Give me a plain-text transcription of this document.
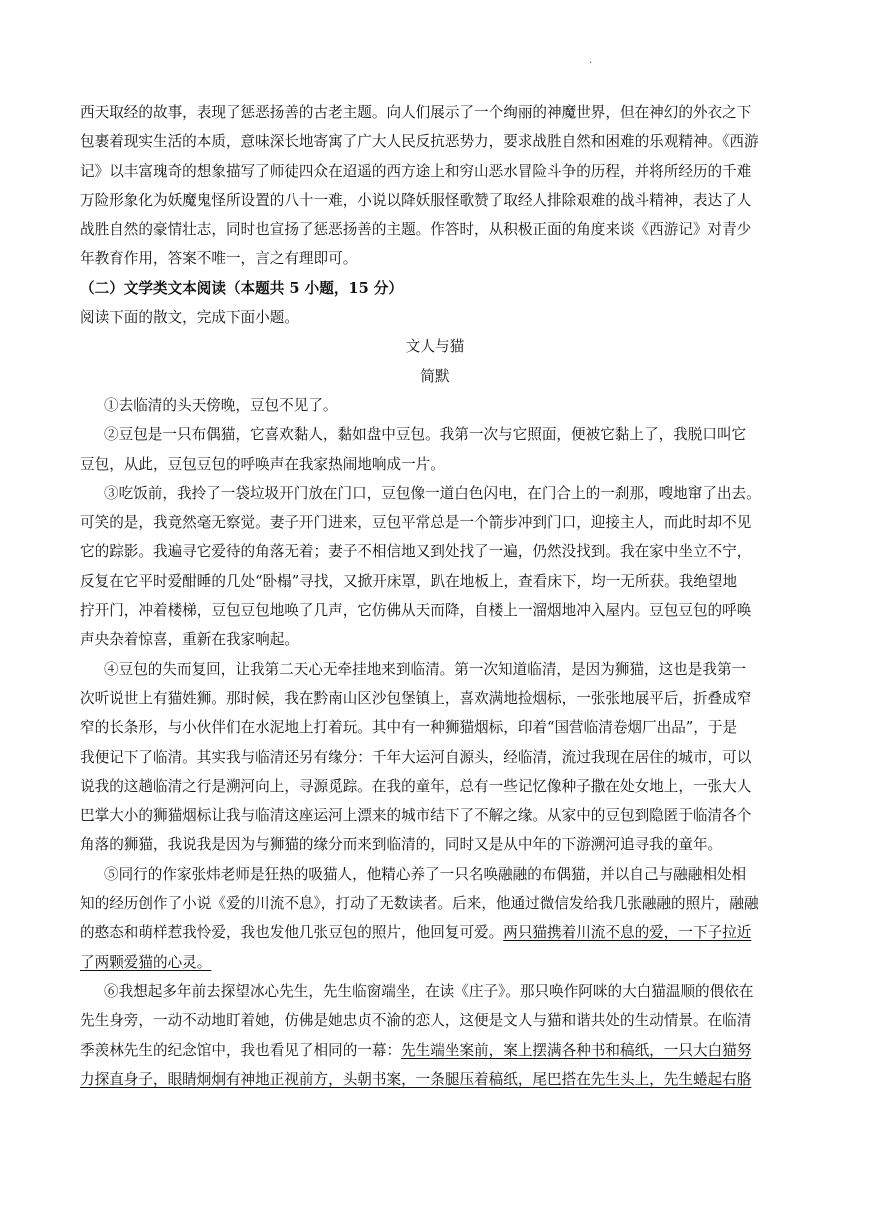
.
西天取经的故事，表现了惩恶扬善的古老主题。向人们展示了一个绚丽的神魔世界，但在神幻的外衣之下
包裹着现实生活的本质，意味深长地寄寓了广大人民反抗恶势力，要求战胜自然和困难的乐观精神。《西游
记》以丰富瑰奇的想象描写了师徒四众在迢遥的西方途上和穷山恶水冒险斗争的历程，并将所经历的千难
万险形象化为妖魔鬼怪所设置的八十一难，小说以降妖服怪歌赞了取经人排除艰难的战斗精神，表达了人
战胜自然的豪情壮志，同时也宣扬了惩恶扬善的主题。作答时，从积极正面的角度来谈《西游记》对青少
年教育作用，答案不唯一，言之有理即可。
（二）文学类文本阅读（本题共 5 小题，15 分）
阅读下面的散文，完成下面小题。
文人与猫
简默
①去临清的头天傍晚，豆包不见了。
②豆包是一只布偶猫，它喜欢黏人，黏如盘中豆包。我第一次与它照面，便被它黏上了，我脱口叫它
豆包，从此，豆包豆包的呼唤声在我家热闹地响成一片。
③吃饭前，我拎了一袋垃圾开门放在门口，豆包像一道白色闪电，在门合上的一刹那，嗖地窜了出去。
可笑的是，我竟然毫无察觉。妻子开门进来，豆包平常总是一个箭步冲到门口，迎接主人，而此时却不见
它的踪影。我遍寻它爱待的角落无着；妻子不相信地又到处找了一遍，仍然没找到。我在家中坐立不宁，
反复在它平时爱酣睡的几处“卧榻”寻找，又掀开床罩，趴在地板上，查看床下，均一无所获。我绝望地
拧开门，冲着楼梯，豆包豆包地唤了几声，它仿佛从天而降，自楼上一溜烟地冲入屋内。豆包豆包的呼唤
声央杂着惊喜，重新在我家响起。
④豆包的失而复回，让我第二天心无牵挂地来到临清。第一次知道临清，是因为狮猫，这也是我第一
次听说世上有猫姓狮。那时候，我在黔南山区沙包堡镇上，喜欢满地捡烟标，一张张地展平后，折叠成窄
窄的长条形，与小伙伴们在水泥地上打着玩。其中有一种狮猫烟标，印着“国营临清卷烟厂出品”，于是
我便记下了临清。其实我与临清还另有缘分：千年大运河自源头，经临清，流过我现在居住的城市，可以
说我的这趟临清之行是溯河向上，寻源觅踪。在我的童年，总有一些记忆像种子撒在处女地上，一张大人
巴掌大小的狮猫烟标让我与临清这座运河上漂来的城市结下了不解之缘。从家中的豆包到隐匿于临清各个
角落的狮猫，我说我是因为与狮猫的缘分而来到临清的，同时又是从中年的下游溯河追寻我的童年。
⑤同行的作家张炜老师是狂热的吸猫人，他精心养了一只名唤融融的布偶猫，并以自己与融融相处相
知的经历创作了小说《爱的川流不息》，打动了无数读者。后来，他通过微信发给我几张融融的照片，融融
的憨态和萌样惹我怜爱，我也发他几张豆包的照片，他回复可爱。两只猫携着川流不息的爱，一下子拉近
了两颗爱猫的心灵。
⑥我想起多年前去探望冰心先生，先生临窗端坐，在读《庄子》。那只唤作阿咪的大白猫温顺的偎依在
先生身旁，一动不动地盯着她，仿佛是她忠贞不渝的恋人，这便是文人与猫和谐共处的生动情景。在临清
季羡林先生的纪念馆中，我也看见了相同的一幕：先生端坐案前，案上摆满各种书和稿纸，一只大白猫努
力探直身子，眼睛炯炯有神地正视前方，头朝书案，一条腿压着稿纸，尾巴搭在先生头上，先生蜷起右胳
